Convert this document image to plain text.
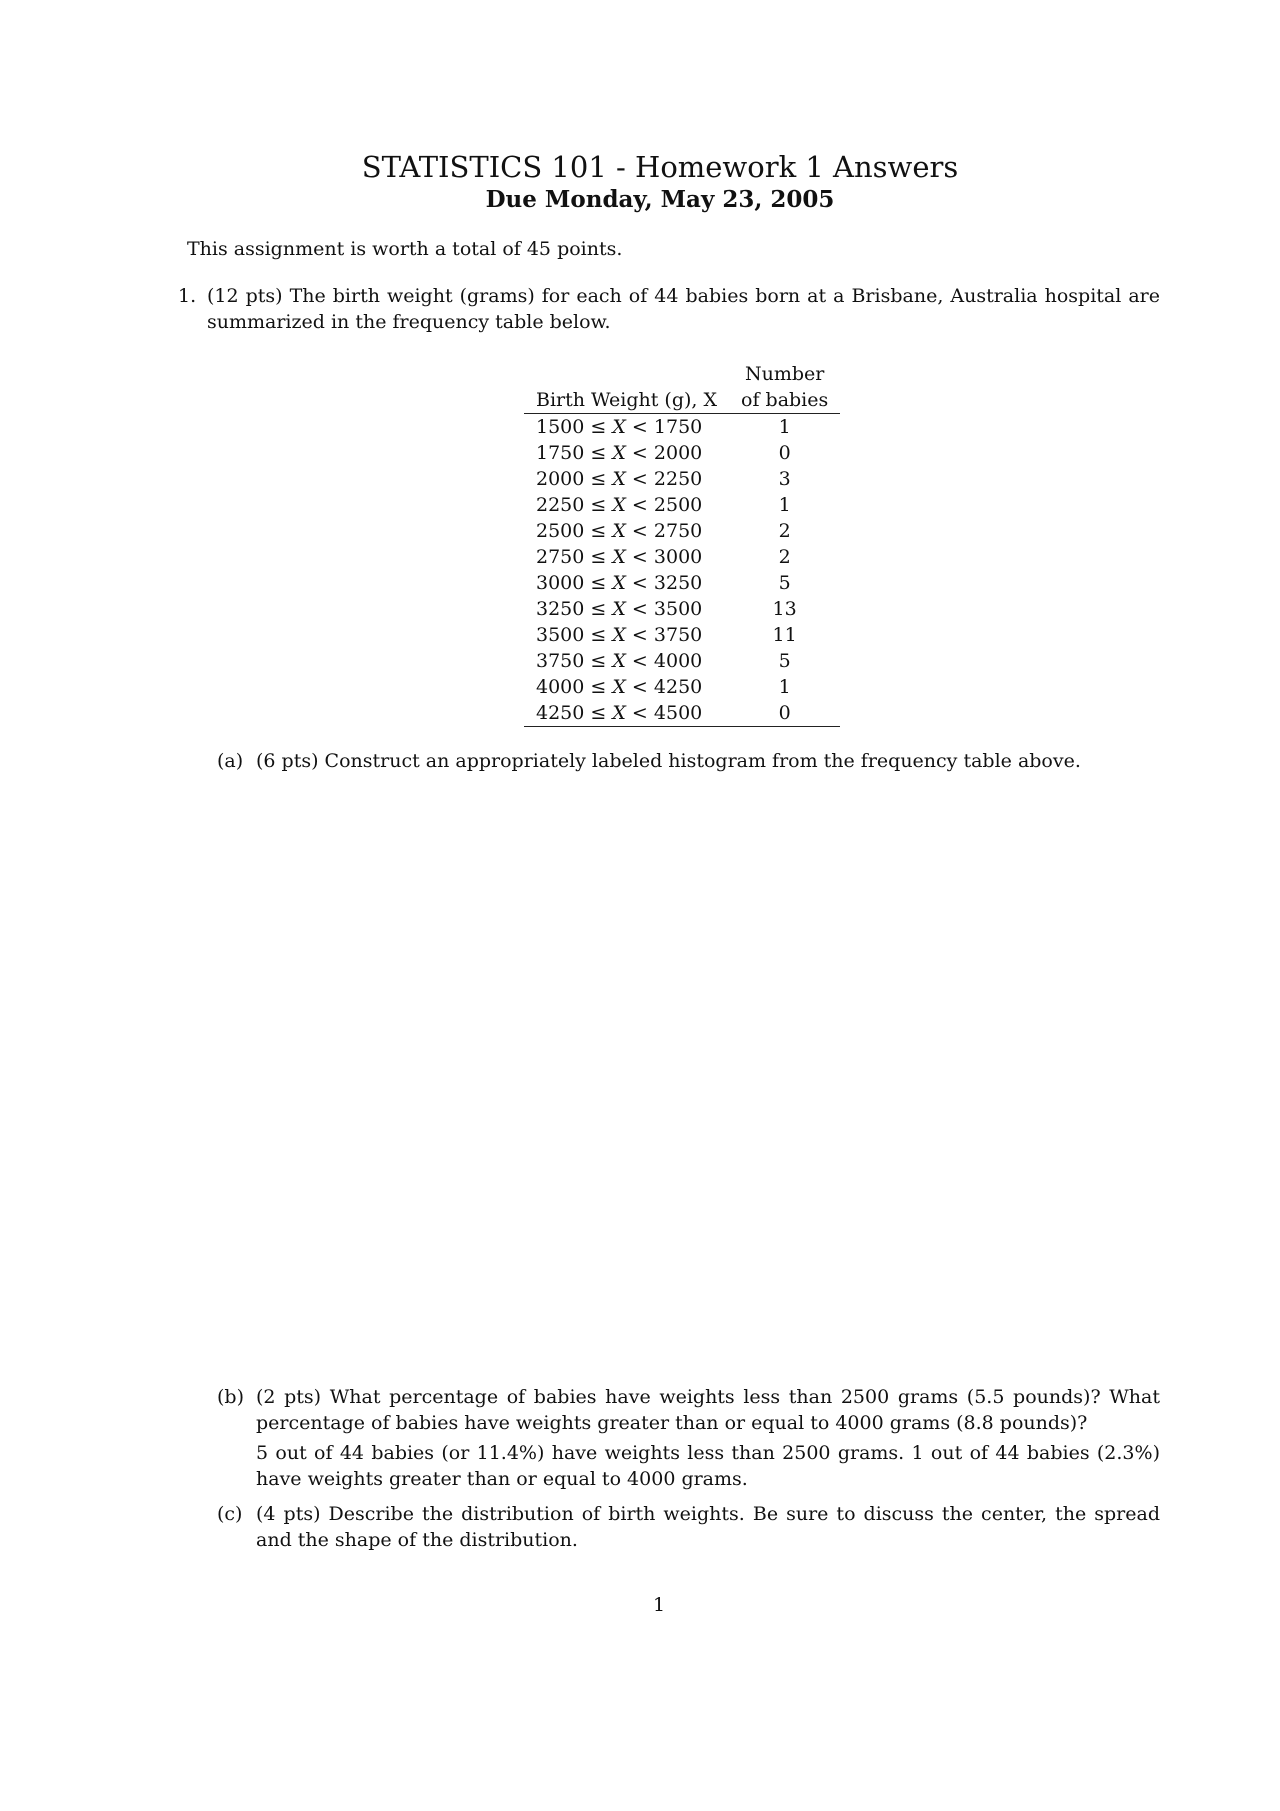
STATISTICS 101 - Homework 1 Answers
Due Monday, May 23, 2005
This assignment is worth a total of 45 points.
1. (12 pts) The birth weight (grams) for each of 44 babies born at a Brisbane, Australia hospital are summarized in the frequency table below.
	Number
Birth Weight (g), X	of babies
1500 ≤ X < 1750	1
1750 ≤ X < 2000	0
2000 ≤ X < 2250	3
2250 ≤ X < 2500	1
2500 ≤ X < 2750	2
2750 ≤ X < 3000	2
3000 ≤ X < 3250	5
3250 ≤ X < 3500	13
3500 ≤ X < 3750	11
3750 ≤ X < 4000	5
4000 ≤ X < 4250	1
4250 ≤ X < 4500	0
(a) (6 pts) Construct an appropriately labeled histogram from the frequency table above.
(b) (2 pts) What percentage of babies have weights less than 2500 grams (5.5 pounds)? What percentage of babies have weights greater than or equal to 4000 grams (8.8 pounds)?
5 out of 44 babies (or 11.4%) have weights less than 2500 grams. 1 out of 44 babies (2.3%) have weights greater than or equal to 4000 grams.
(c) (4 pts) Describe the distribution of birth weights. Be sure to discuss the center, the spread and the shape of the distribution.
1
